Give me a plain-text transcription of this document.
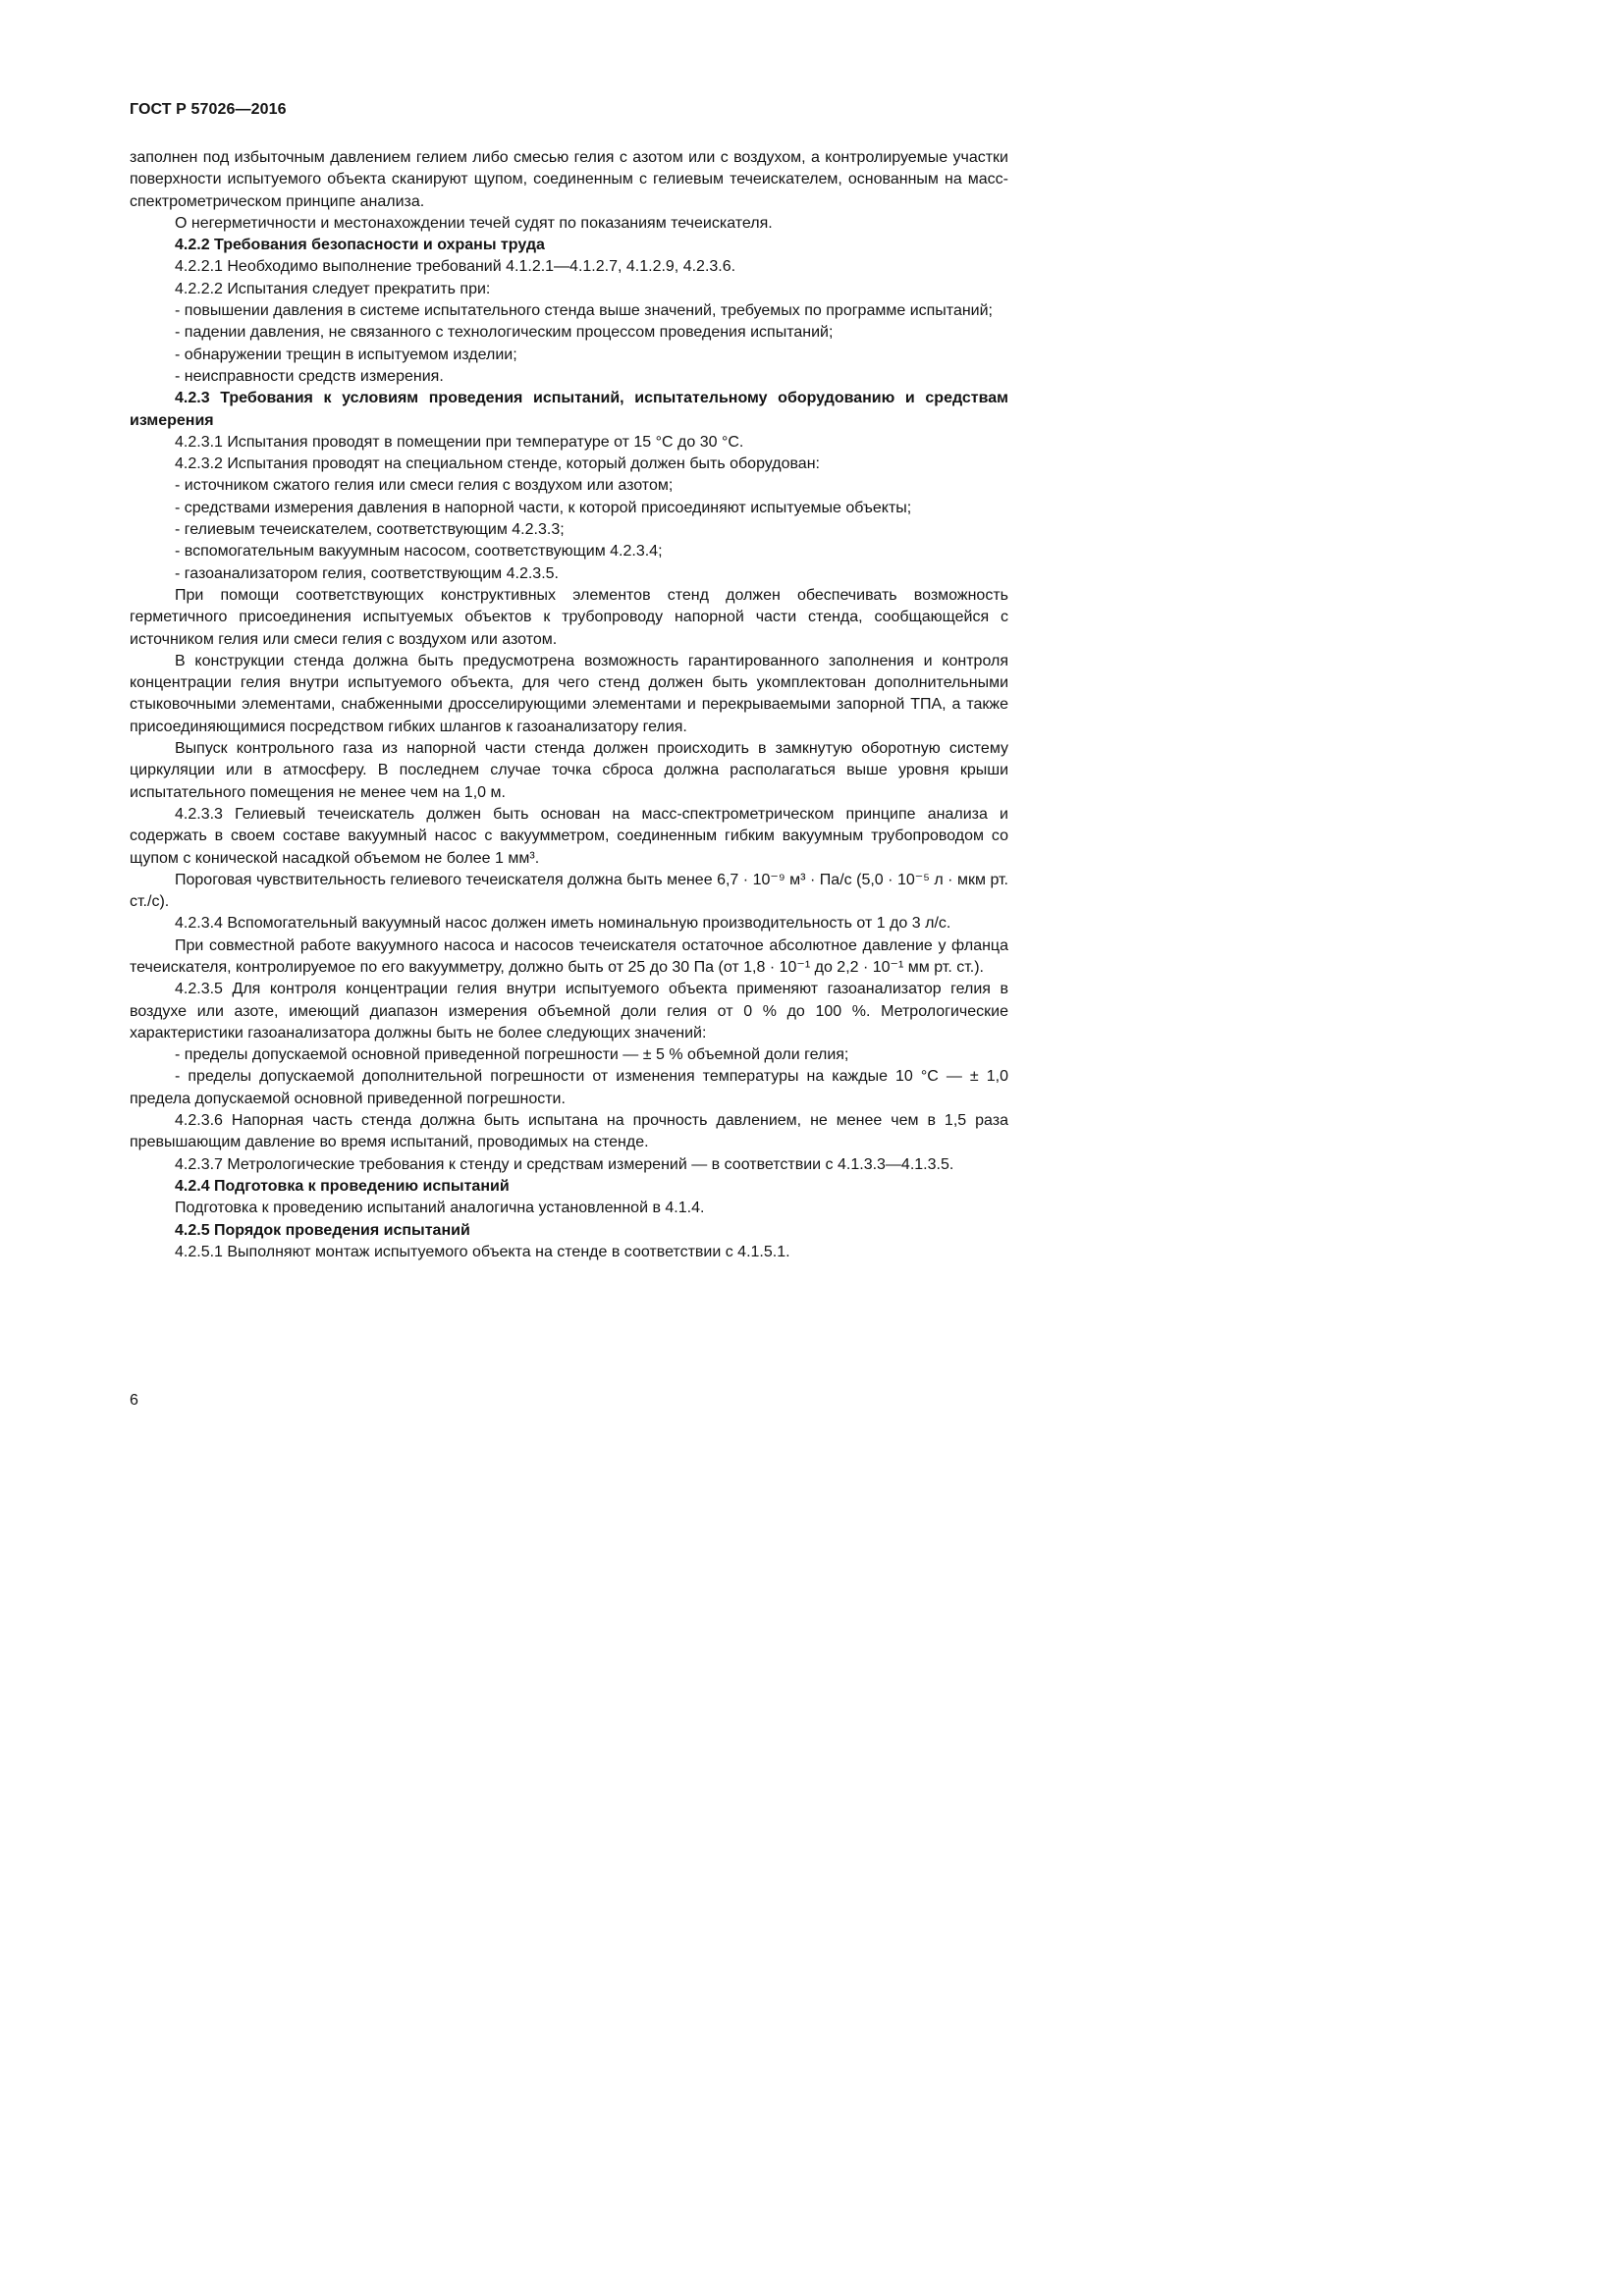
ГОСТ Р 57026—2016

заполнен под избыточным давлением гелием либо смесью гелия с азотом или с воздухом, а контролируемые участки поверхности испытуемого объекта сканируют щупом, соединенным с гелиевым течеискателем, основанным на масс-спектрометрическом принципе анализа.

О негерметичности и местонахождении течей судят по показаниям течеискателя.

4.2.2 Требования безопасности и охраны труда

4.2.2.1 Необходимо выполнение требований 4.1.2.1—4.1.2.7, 4.1.2.9, 4.2.3.6.

4.2.2.2 Испытания следует прекратить при:

- повышении давления в системе испытательного стенда выше значений, требуемых по программе испытаний;

- падении давления, не связанного с технологическим процессом проведения испытаний;

- обнаружении трещин в испытуемом изделии;

- неисправности средств измерения.

4.2.3 Требования к условиям проведения испытаний, испытательному оборудованию и средствам измерения

4.2.3.1 Испытания проводят в помещении при температуре от 15 °С до 30 °С.

4.2.3.2 Испытания проводят на специальном стенде, который должен быть оборудован:

- источником сжатого гелия или смеси гелия с воздухом или азотом;

- средствами измерения давления в напорной части, к которой присоединяют испытуемые объекты;

- гелиевым течеискателем, соответствующим 4.2.3.3;

- вспомогательным вакуумным насосом, соответствующим 4.2.3.4;

- газоанализатором гелия, соответствующим 4.2.3.5.

При помощи соответствующих конструктивных элементов стенд должен обеспечивать возможность герметичного присоединения испытуемых объектов к трубопроводу напорной части стенда, сообщающейся с источником гелия или смеси гелия с воздухом или азотом.

В конструкции стенда должна быть предусмотрена возможность гарантированного заполнения и контроля концентрации гелия внутри испытуемого объекта, для чего стенд должен быть укомплектован дополнительными стыковочными элементами, снабженными дросселирующими элементами и перекрываемыми запорной ТПА, а также присоединяющимися посредством гибких шлангов к газоанализатору гелия.

Выпуск контрольного газа из напорной части стенда должен происходить в замкнутую оборотную систему циркуляции или в атмосферу. В последнем случае точка сброса должна располагаться выше уровня крыши испытательного помещения не менее чем на 1,0 м.

4.2.3.3 Гелиевый течеискатель должен быть основан на масс-спектрометрическом принципе анализа и содержать в своем составе вакуумный насос с вакуумметром, соединенным гибким вакуумным трубопроводом со щупом с конической насадкой объемом не более 1 мм³.

Пороговая чувствительность гелиевого течеискателя должна быть менее 6,7 · 10⁻⁹ м³ · Па/с (5,0 · 10⁻⁵ л · мкм рт. ст./с).

4.2.3.4 Вспомогательный вакуумный насос должен иметь номинальную производительность от 1 до 3 л/с.

При совместной работе вакуумного насоса и насосов течеискателя остаточное абсолютное давление у фланца течеискателя, контролируемое по его вакуумметру, должно быть от 25 до 30 Па (от 1,8 · 10⁻¹ до 2,2 · 10⁻¹ мм рт. ст.).

4.2.3.5 Для контроля концентрации гелия внутри испытуемого объекта применяют газоанализатор гелия в воздухе или азоте, имеющий диапазон измерения объемной доли гелия от 0 % до 100 %. Метрологические характеристики газоанализатора должны быть не более следующих значений:

- пределы допускаемой основной приведенной погрешности — ± 5 % объемной доли гелия;

- пределы допускаемой дополнительной погрешности от изменения температуры на каждые 10 °С — ± 1,0 предела допускаемой основной приведенной погрешности.

4.2.3.6 Напорная часть стенда должна быть испытана на прочность давлением, не менее чем в 1,5 раза превышающим давление во время испытаний, проводимых на стенде.

4.2.3.7 Метрологические требования к стенду и средствам измерений — в соответствии с 4.1.3.3—4.1.3.5.

4.2.4 Подготовка к проведению испытаний

Подготовка к проведению испытаний аналогична установленной в 4.1.4.

4.2.5 Порядок проведения испытаний

4.2.5.1 Выполняют монтаж испытуемого объекта на стенде в соответствии с 4.1.5.1.

6
